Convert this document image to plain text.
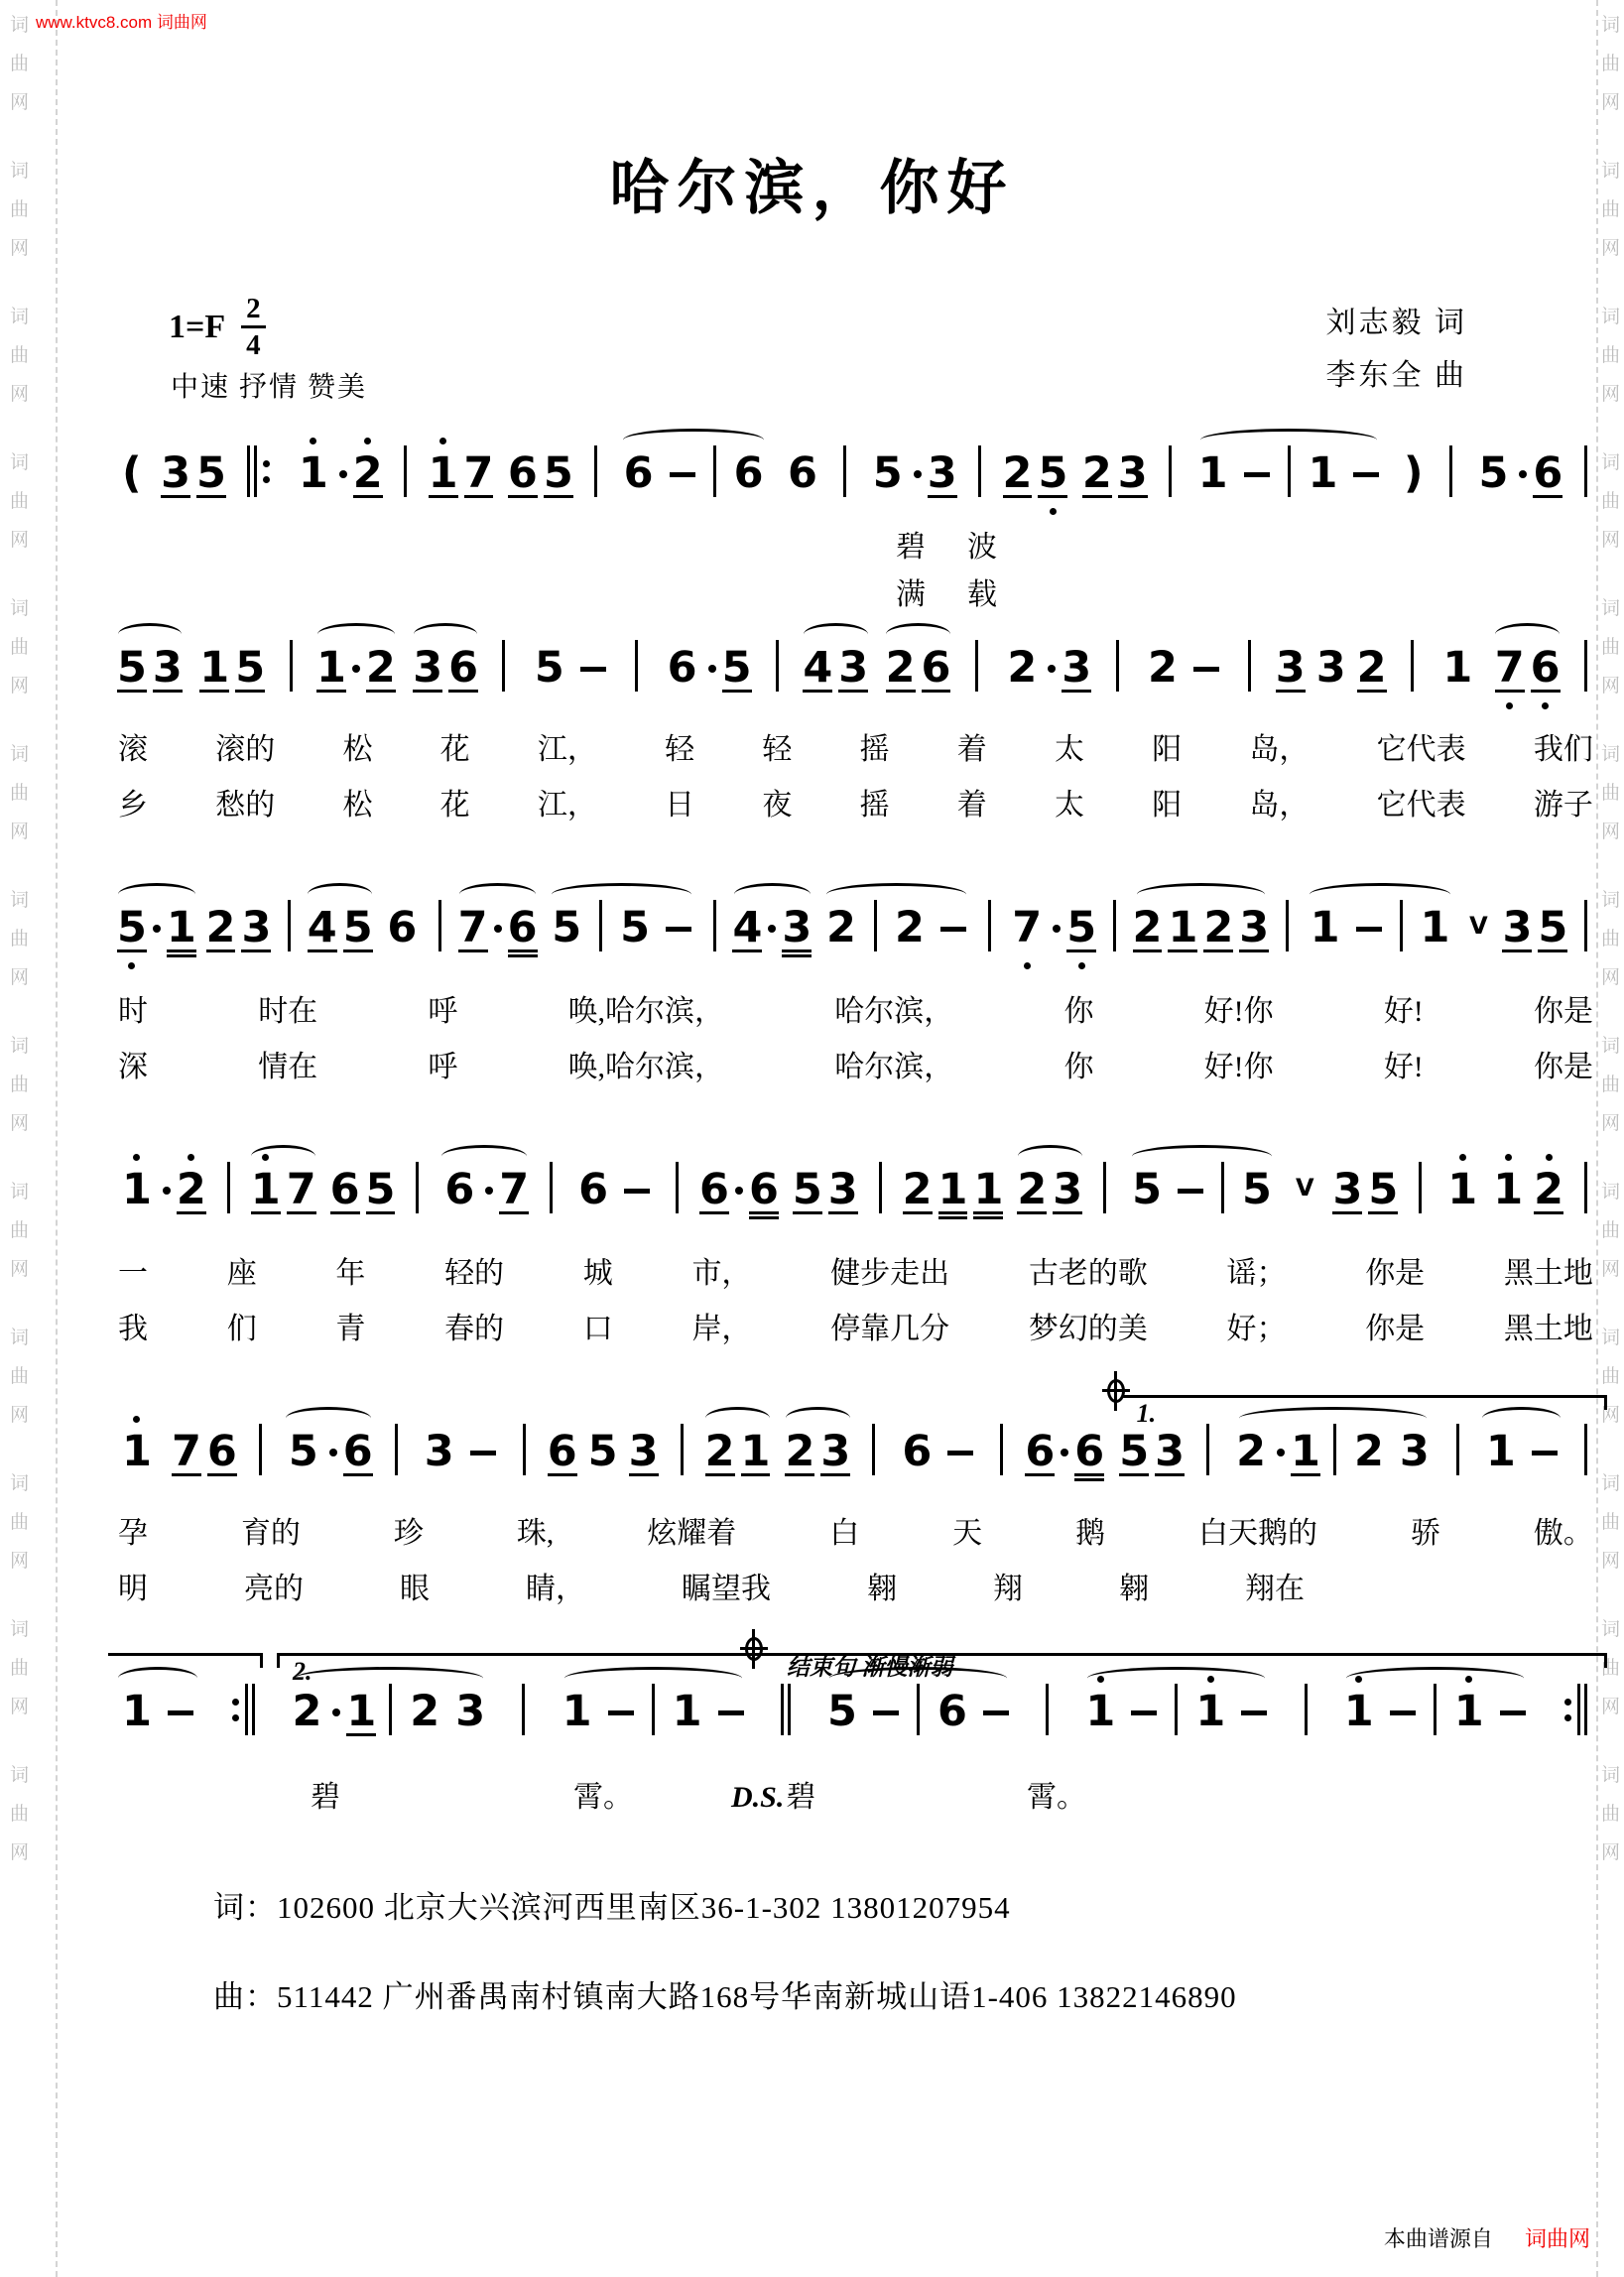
词
曲
网
词
曲
网
词
曲
网
词
曲
网
词
曲
网
词
曲
网
词
曲
网
词
曲
网
词
曲
网
词
曲
网
词
曲
网
词
曲
网
词
曲
网
词
曲
网
词
曲
网
词
曲
网
词
曲
网
词
曲
网
词
曲
网
词
曲
网
词
曲
网
词
曲
网
词
曲
网
词
曲
网
词
曲
网
词
曲
网
www.ktvc8.com 词曲网
哈尔滨，你好
$1=F \frac{2}{4}$
中速 抒情 赞美
刘志毅 词
李东全 曲
( 3 5 1 2 1 7 6 5 6 6 6 5 3 2 5 2 3 1 1 ) 5 6
碧 波
满 载
5 3 1 5 1 2 3 6 5 6 5 4 3 2 6 2 3 2 3 3 2 1 7 6
滚 滚的 松 花 江， 轻 轻 摇 着 太 阳 岛， 它代表 我们
乡 愁的 松 花 江， 日 夜 摇 着 太 阳 岛， 它代表 游子
5 1 2 3 4 5 6 7 6 5 5 4 3 2 2 7 5 2 1 2 3 1 1 V 3 5
时	时在	呼	唤,哈尔滨，	哈尔滨，	你	好!你	好!	你是
深	情在	呼	唤,哈尔滨，	哈尔滨，	你	好!你	好!	你是
1 2 1 7 6 5 6 7 6 6 6 5 3 2 1 1 2 3 5 5 V 3 5 1 1 2
一	座	年	轻的	城	市，	健步走出	古老的歌	谣；	你是	黑土地
我	们	青	春的	口	岸，	停靠几分	梦幻的美	好；	你是	黑土地
1 7 6 5 6 3 6 5 3 2 1 2 3 6 6 6 5 3 2 1 2 3 1
孕	育的	珍	珠,	炫耀着	白	天	鹅	白天鹅的	骄	傲。
明	亮的	眼	睛，	瞩望我	翱	翔	翱	翔在
1.
1	2 1 2 3 1 1	5 6	1 1	1 1
碧	霄。	D.S.碧	霄。
2.	结束句 渐慢渐弱
词：102600 北京大兴滨河西里南区36-1-302 13801207954
曲：511442 广州番禺南村镇南大路168号华南新城山语1-406 13822146890
本曲谱源自 词曲网
